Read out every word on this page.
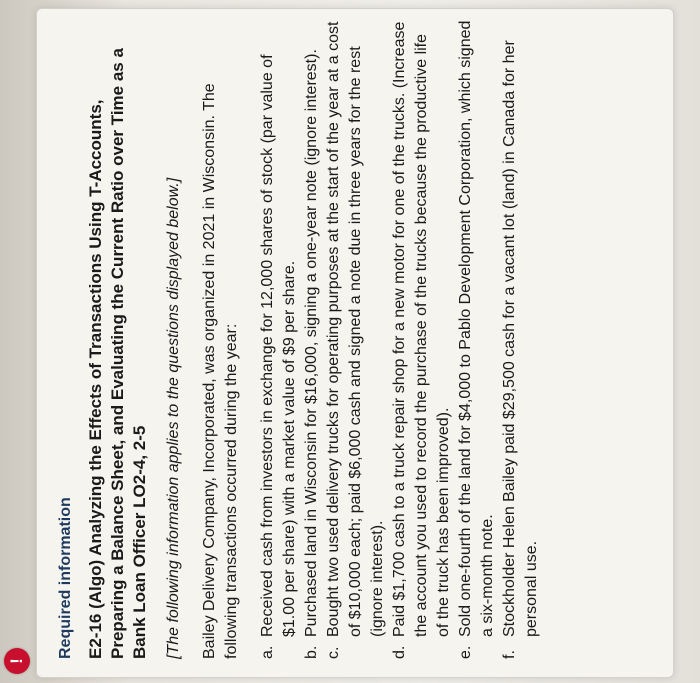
!
Required information E2-16 (Algo) Analyzing the Effects of Transactions Using T-Accounts, Preparing a Balance Sheet, and Evaluating the Current Ratio over Time as a Bank Loan Officer LO2-4, 2-5 [The following information applies to the questions displayed below.] Bailey Delivery Company, Incorporated, was organized in 2021 in Wisconsin. The following transactions occurred during the year: a.
Received cash from investors in exchange for 12,000 shares of stock (par value of $1.00 per share) with a market value of $9 per share.
b.
Purchased land in Wisconsin for $16,000, signing a one-year note (ignore interest).
c.
Bought two used delivery trucks for operating purposes at the start of the year at a cost of $10,000 each; paid $6,000 cash and signed a note due in three years for the rest (ignore interest).
d.
Paid $1,700 cash to a truck repair shop for a new motor for one of the trucks. (Increase the account you used to record the purchase of the trucks because the productive life of the truck has been improved).
e.
Sold one-fourth of the land for $4,000 to Pablo Development Corporation, which signed a six-month note.
f.
Stockholder Helen Bailey paid $29,500 cash for a vacant lot (land) in Canada for her personal use.
